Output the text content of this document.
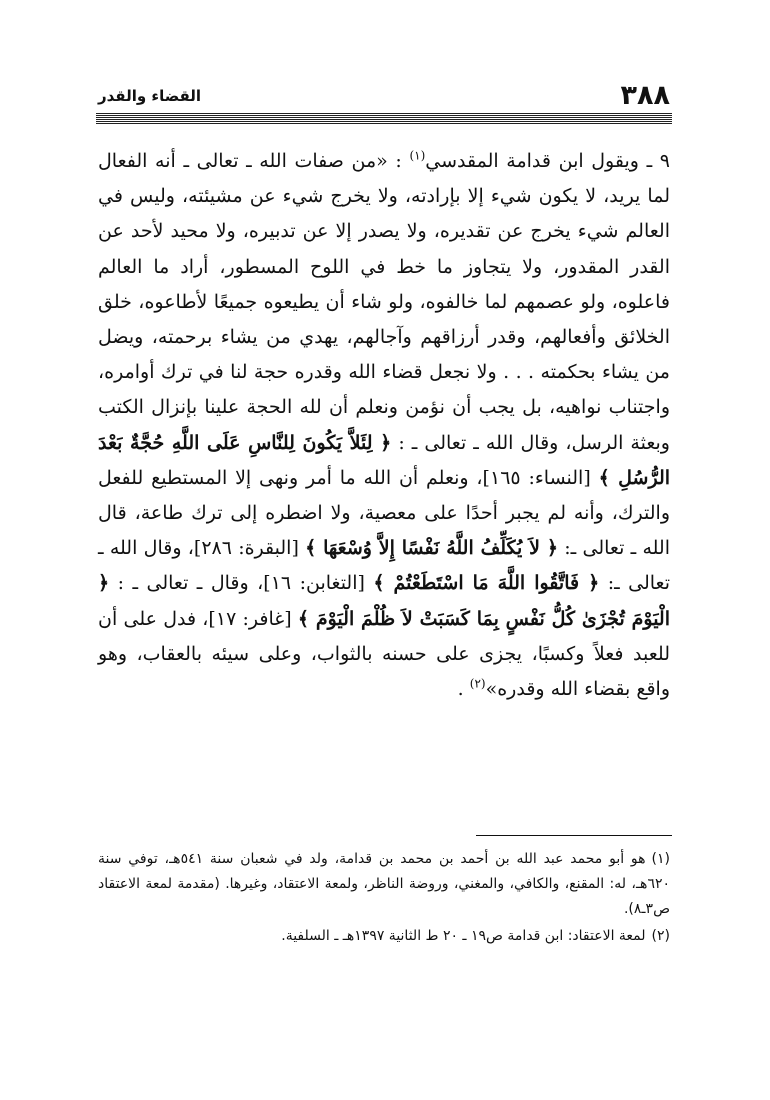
٣٨٨
القضاء والقدر

٩ ـ ويقول ابن قدامة المقدسي$^{(١)}$ : «من صفات الله ـ تعالى ـ أنه الفعال لما يريد، لا يكون شيء إلا بإرادته، ولا يخرج شيء عن مشيئته، وليس في العالم شيء يخرج عن تقديره، ولا يصدر إلا عن تدبيره، ولا محيد لأحد عن القدر المقدور، ولا يتجاوز ما خط في اللوح المسطور، أراد ما العالم فاعلوه، ولو عصمهم لما خالفوه، ولو شاء أن يطيعوه جميعًا لأطاعوه، خلق الخلائق وأفعالهم، وقدر أرزاقهم وآجالهم، يهدي من يشاء برحمته، ويضل من يشاء بحكمته . . . ولا نجعل قضاء الله وقدره حجة لنا في ترك أوامره، واجتناب نواهيه، بل يجب أن نؤمن ونعلم أن لله الحجة علينا بإنزال الكتب وبعثة الرسل، وقال الله ـ تعالى ـ : ﴿ لِئَلاَّ يَكُونَ لِلنَّاسِ عَلَى اللَّهِ حُجَّةٌ بَعْدَ الرُّسُلِ ﴾ [النساء: ١٦٥]، ونعلم أن الله ما أمر ونهى إلا المستطيع للفعل والترك، وأنه لم يجبر أحدًا على معصية، ولا اضطره إلى ترك طاعة، قال الله ـ تعالى ـ: ﴿ لاَ يُكَلِّفُ اللَّهُ نَفْسًا إِلاَّ وُسْعَهَا ﴾ [البقرة: ٢٨٦]، وقال الله ـ تعالى ـ: ﴿ فَاتَّقُوا اللَّهَ مَا اسْتَطَعْتُمْ ﴾ [التغابن: ١٦]، وقال ـ تعالى ـ : ﴿ الْيَوْمَ تُجْزَىٰ كُلُّ نَفْسٍ بِمَا كَسَبَتْ لاَ ظُلْمَ الْيَوْمَ ﴾ [غافر: ١٧]، فدل على أن للعبد فعلاً وكسبًا، يجزى على حسنه بالثواب، وعلى سيئه بالعقاب، وهو واقع بقضاء الله وقدره»$^{(٢)}$ .

(١)هو أبو محمد عبد الله بن أحمد بن محمد بن قدامة، ولد في شعبان سنة ٥٤١هـ، توفي سنة ٦٢٠هـ، له: المقنع، والكافي، والمغني، وروضة الناظر، ولمعة الاعتقاد، وغيرها. (مقدمة لمعة الاعتقاد ص٣ـ٨).

(٢)لمعة الاعتقاد: ابن قدامة ص١٩ ـ ٢٠ ط الثانية ١٣٩٧هـ ـ السلفية.
